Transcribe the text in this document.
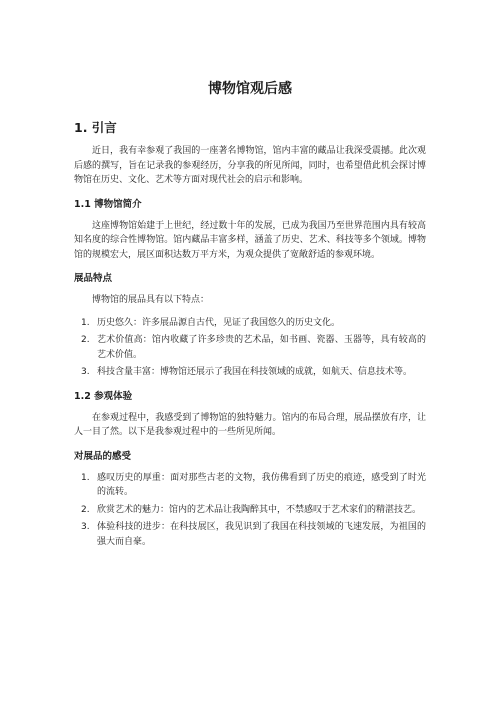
博物馆观后感
1. 引言

近日，我有幸参观了我国的一座著名博物馆，馆内丰富的藏品让我深受震撼。此次观后感的撰写，旨在记录我的参观经历，分享我的所见所闻，同时，也希望借此机会探讨博物馆在历史、文化、艺术等方面对现代社会的启示和影响。

1.1 博物馆简介

这座博物馆始建于上世纪，经过数十年的发展，已成为我国乃至世界范围内具有较高知名度的综合性博物馆。馆内藏品丰富多样，涵盖了历史、艺术、科技等多个领域。博物馆的规模宏大，展区面积达数万平方米，为观众提供了宽敞舒适的参观环境。

展品特点

博物馆的展品具有以下特点：

1. 历史悠久：许多展品源自古代，见证了我国悠久的历史文化。
2. 艺术价值高：馆内收藏了许多珍贵的艺术品，如书画、瓷器、玉器等，具有较高的艺术价值。
3. 科技含量丰富：博物馆还展示了我国在科技领域的成就，如航天、信息技术等。
1.2 参观体验

在参观过程中，我感受到了博物馆的独特魅力。馆内的布局合理，展品摆放有序，让人一目了然。以下是我参观过程中的一些所见所闻。

对展品的感受
1. 感叹历史的厚重：面对那些古老的文物，我仿佛看到了历史的痕迹，感受到了时光的流转。
2. 欣赏艺术的魅力：馆内的艺术品让我陶醉其中，不禁感叹于艺术家们的精湛技艺。
3. 体验科技的进步：在科技展区，我见识到了我国在科技领域的飞速发展，为祖国的强大而自豪。
